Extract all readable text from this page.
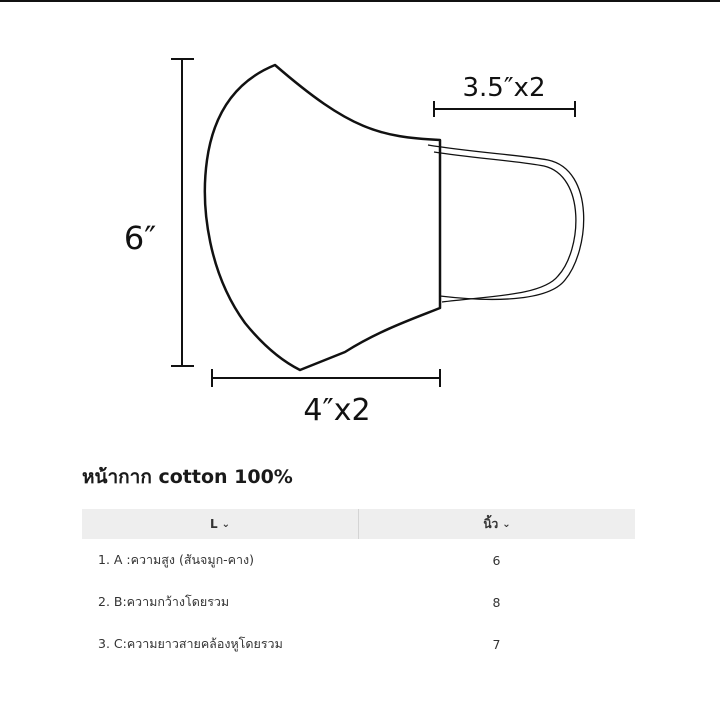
6″
3.5″x2
4″x2
หน้ากาก cotton 100%
L ⌄	นิ้ว ⌄
1. A :ความสูง (สันจมูก-คาง)	6
2. B:ความกว้างโดยรวม	8
3. C:ความยาวสายคล้องหูโดยรวม	7
